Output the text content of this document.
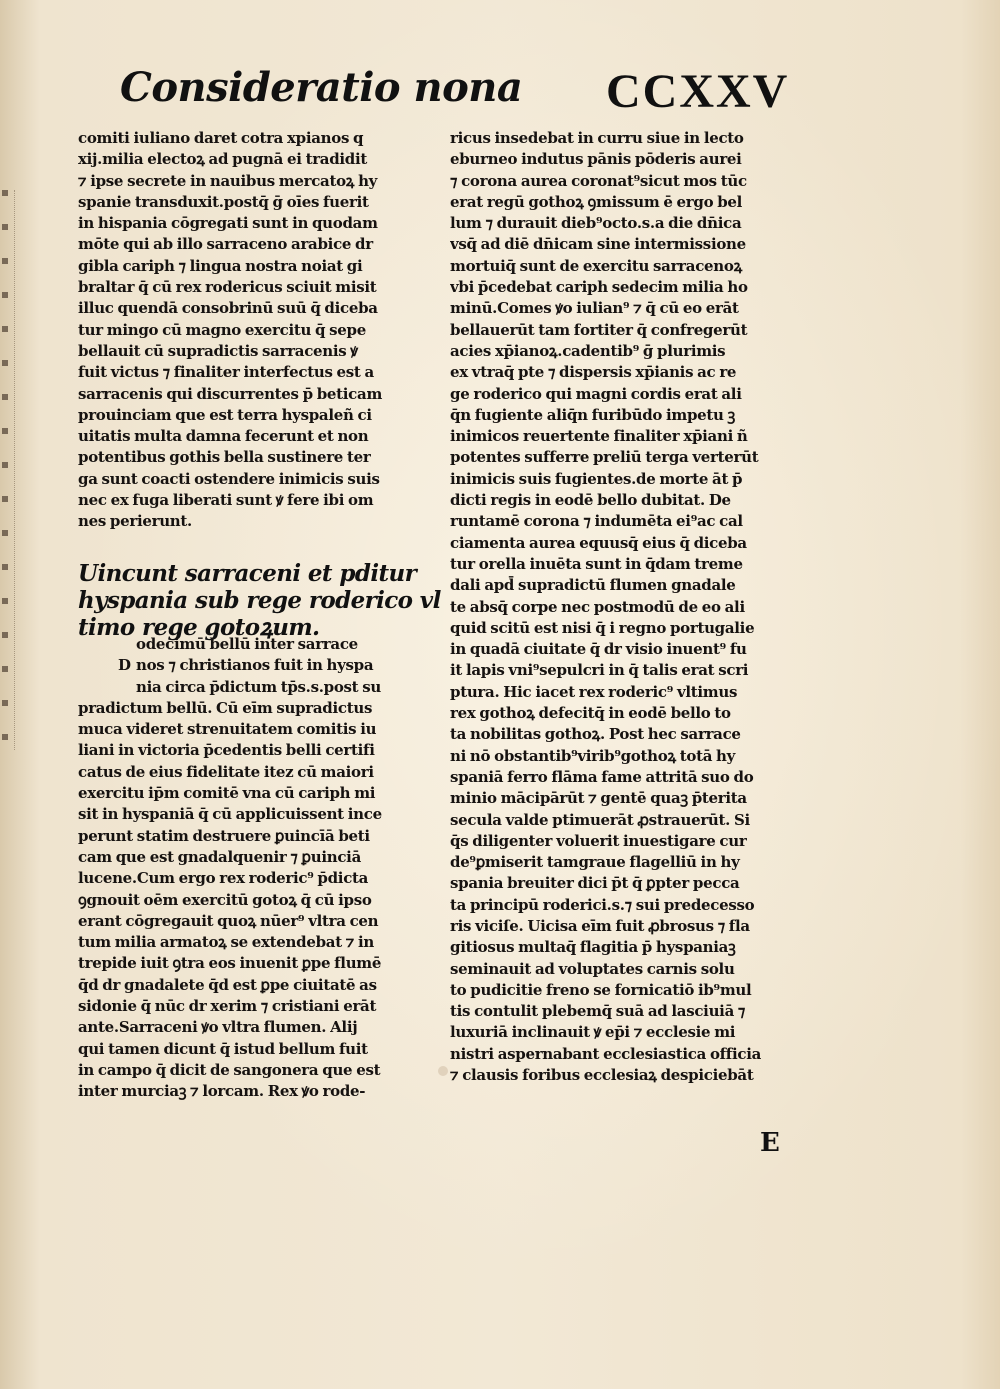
Consideratio nona CCXXV
comiti iuliano daret cotra xpianos q
xij.milia electoꝝ ad pugnā ei tradidit
⁊ ipse secrete in nauibus mercatoꝝ hy
spanie transduxit.postq̄ ḡ oīes fuerit
in hispania cōgregati sunt in quodam
mōte qui ab illo sarraceno arabice dr
gibla cariph ⁊ lingua nostra noiat gi
braltar q̄ cū rex rodericus sciuit misit
illuc quendā consobrinū suū q̄ diceba
tur mingo cū magno exercitu q̄ sepe
bellauit cū supradictis sarracenis ꝟ
fuit victus ⁊ finaliter interfectus est a
sarracenis qui discurrentes p̄ beticam
prouinciam que est terra hyspaleñ ci
uitatis multa damna fecerunt et non
potentibus gothis bella sustinere ter
ga sunt coacti ostendere inimicis suis
nec ex fuga liberati sunt ꝟ fere ibi om
nes perierunt.
Uincunt sarraceni et pditur
hyspania sub rege roderico vl
timo rege gotoꝝum.
odecimū bellū inter sarrace
D nos ⁊ christianos fuit in hyspa
nia circa p̄dictum tp̄s.s.post su
pradictum bellū. Cū eīm supradictus
muca videret strenuitatem comitis iu
liani in victoria p̄cedentis belli certifi
catus de eius fidelitate itez cū maiori
exercitu ip̄m comitē vna cū cariph mi
sit in hyspaniā q̄ cū applicuissent ince
perunt statim destruere ꝑuincīā beti
cam que est gnadalquenir ⁊ ꝑuinciā
lucene.Cum ergo rex roderic⁹ p̄dicta
ꝯgnouit oēm exercitū gotoꝝ q̄ cū ipso
erant cōgregauit quoꝝ nūer⁹ vltra cen
tum milia armatoꝝ se extendebat ⁊ in
trepide iuit ꝯtra eos inuenit ꝑpe flumē
q̄d dr gnadalete q̄d est ꝑpe ciuitatē as
sidonie q̄ nūc dr xerim ⁊ cristiani erāt
ante.Sarraceni ꝟo vltra flumen. Alij
qui tamen dicunt q̄ istud bellum fuit
in campo q̄ dicit de sangonera que est
inter murciaꝫ ⁊ lorcam. Rex ꝟo rode-
ricus insedebat in curru siue in lecto
eburneo indutus pānis pōderis aurei
⁊ corona aurea coronat⁹sicut mos tūc
erat regū gothoꝝ ꝯmissum ē ergo bel
lum ⁊ durauit dieb⁹octo.s.a die dn̄ica
vsq̄ ad diē dn̄icam sine intermissione
mortuiq̄ sunt de exercitu sarracenoꝝ
vbi p̄cedebat cariph sedecim milia ho
minū.Comes ꝟo iulian⁹ ⁊ q̄ cū eo erāt
bellauerūt tam fortiter q̄ confregerūt
acies xp̄ianoꝝ.cadentib⁹ ḡ plurimis
ex vtraq̄ pte ⁊ dispersis xp̄ianis ac re
ge roderico qui magni cordis erat ali
q̄n fugiente aliq̄n furibūdo impetu ꝫ
inimicos reuertente finaliter xp̄iani ñ
potentes sufferre preliū terga verterūt
inimicis suis fugientes.de morte āt p̄
dicti regis in eodē bello dubitat. De
runtamē corona ⁊ indumēta ei⁹ac cal
ciamenta aurea equusq̄ eius q̄ diceba
tur orella inuēta sunt in q̄dam treme
dali apd̄ supradictū flumen gnadale
te absq̄ corpe nec postmodū de eo ali
quid scitū est nisi q̄ i regno portugalie
in quadā ciuitate q̄ dr visio inuent⁹ fu
it lapis vni⁹sepulcri in q̄ talis erat scri
ptura. Hic iacet rex roderic⁹ vltimus
rex gothoꝝ defecitq̄ in eodē bello to
ta nobilitas gothoꝝ. Post hec sarrace
ni nō obstantib⁹virib⁹gothoꝝ totā hy
spaniā ferro flāma fame attritā suo do
minio mācipārūt ⁊ gentē quaꝫ p̄terita
secula valde ptimuerāt ꝓstrauerūt. Si
q̄s diligenter voluerit inuestigare cur
de⁹ꝑmiserit tamgraue flagelliū in hy
spania breuiter dici p̄t q̄ ꝑpter pecca
ta principū roderici.s.⁊ sui predecesso
ris viciſe. Uicisa eīm fuit ꝓbrosus ⁊ fla
gitiosus multaq̄ flagitia p̄ hyspaniaꝫ
seminauit ad voluptates carnis solu
to pudicitie freno se fornicatiō ib⁹mul
tis contulit plebemq̄ suā ad lasciuiā ⁊
luxuriā inclinauit ꝟ ep̄i ⁊ ecclesie mi
nistri aspernabant ecclesiastica officia
⁊ clausis foribus ecclesiaꝝ despiciebāt
E
